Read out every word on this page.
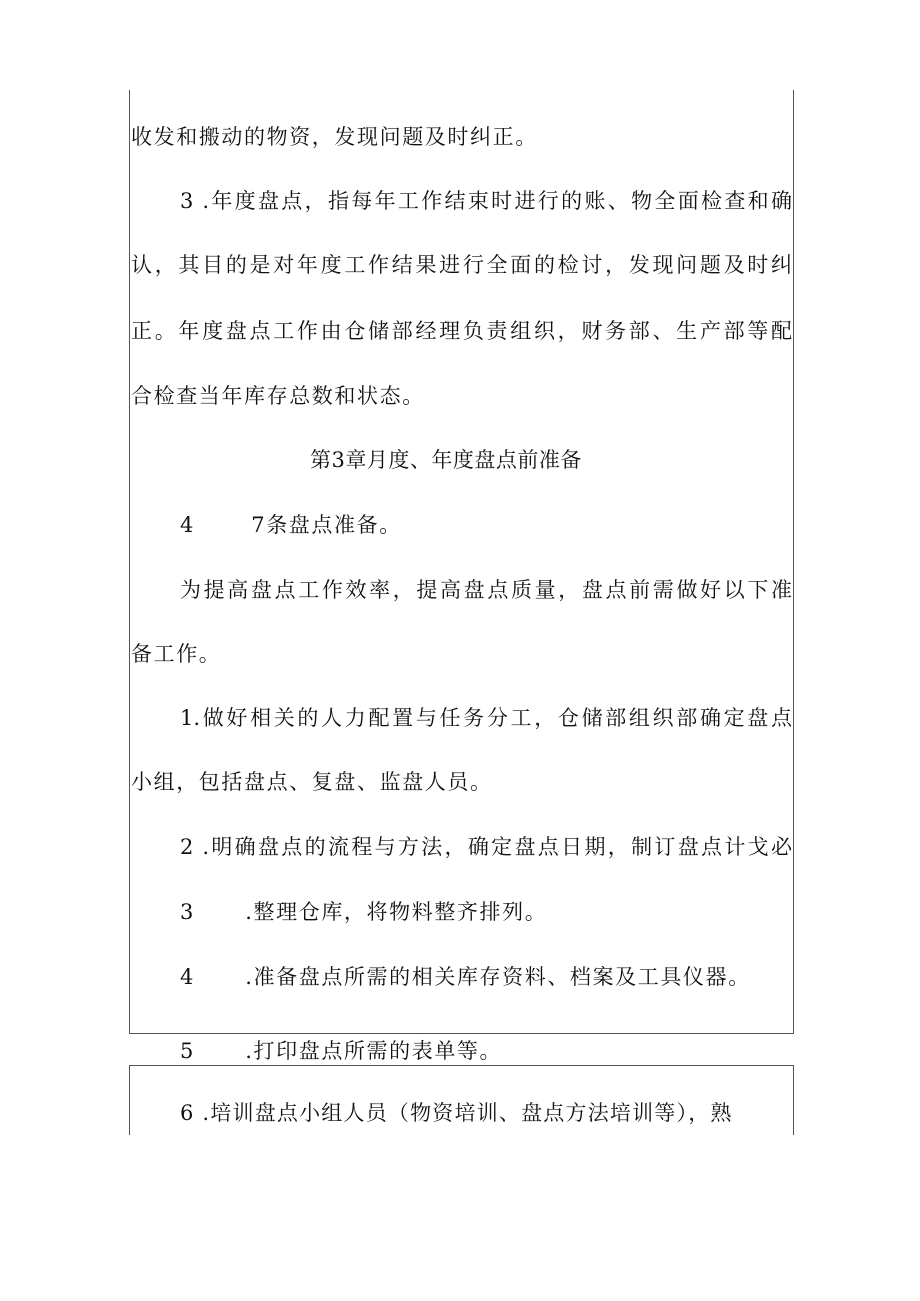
收发和搬动的物资，发现问题及时纠正。
3 .年度盘点，指每年工作结束时进行的账、物全面检查和确
认，其目的是对年度工作结果进行全面的检讨，发现问题及时纠
正。年度盘点工作由仓储部经理负责组织，财务部、生产部等配
合检查当年库存总数和状态。
第3章月度、年度盘点前准备
4	7条盘点准备。
为提高盘点工作效率，提高盘点质量，盘点前需做好以下准
备工作。
1.做好相关的人力配置与任务分工，仓储部组织部确定盘点
小组，包括盘点、复盘、监盘人员。
2 .明确盘点的流程与方法，确定盘点日期，制订盘点计戈必
3 .整理仓库，将物料整齐排列。
4 .准备盘点所需的相关库存资料、档案及工具仪器。
5 .打印盘点所需的表单等。
6 .培训盘点小组人员（物资培训、盘点方法培训等），熟
